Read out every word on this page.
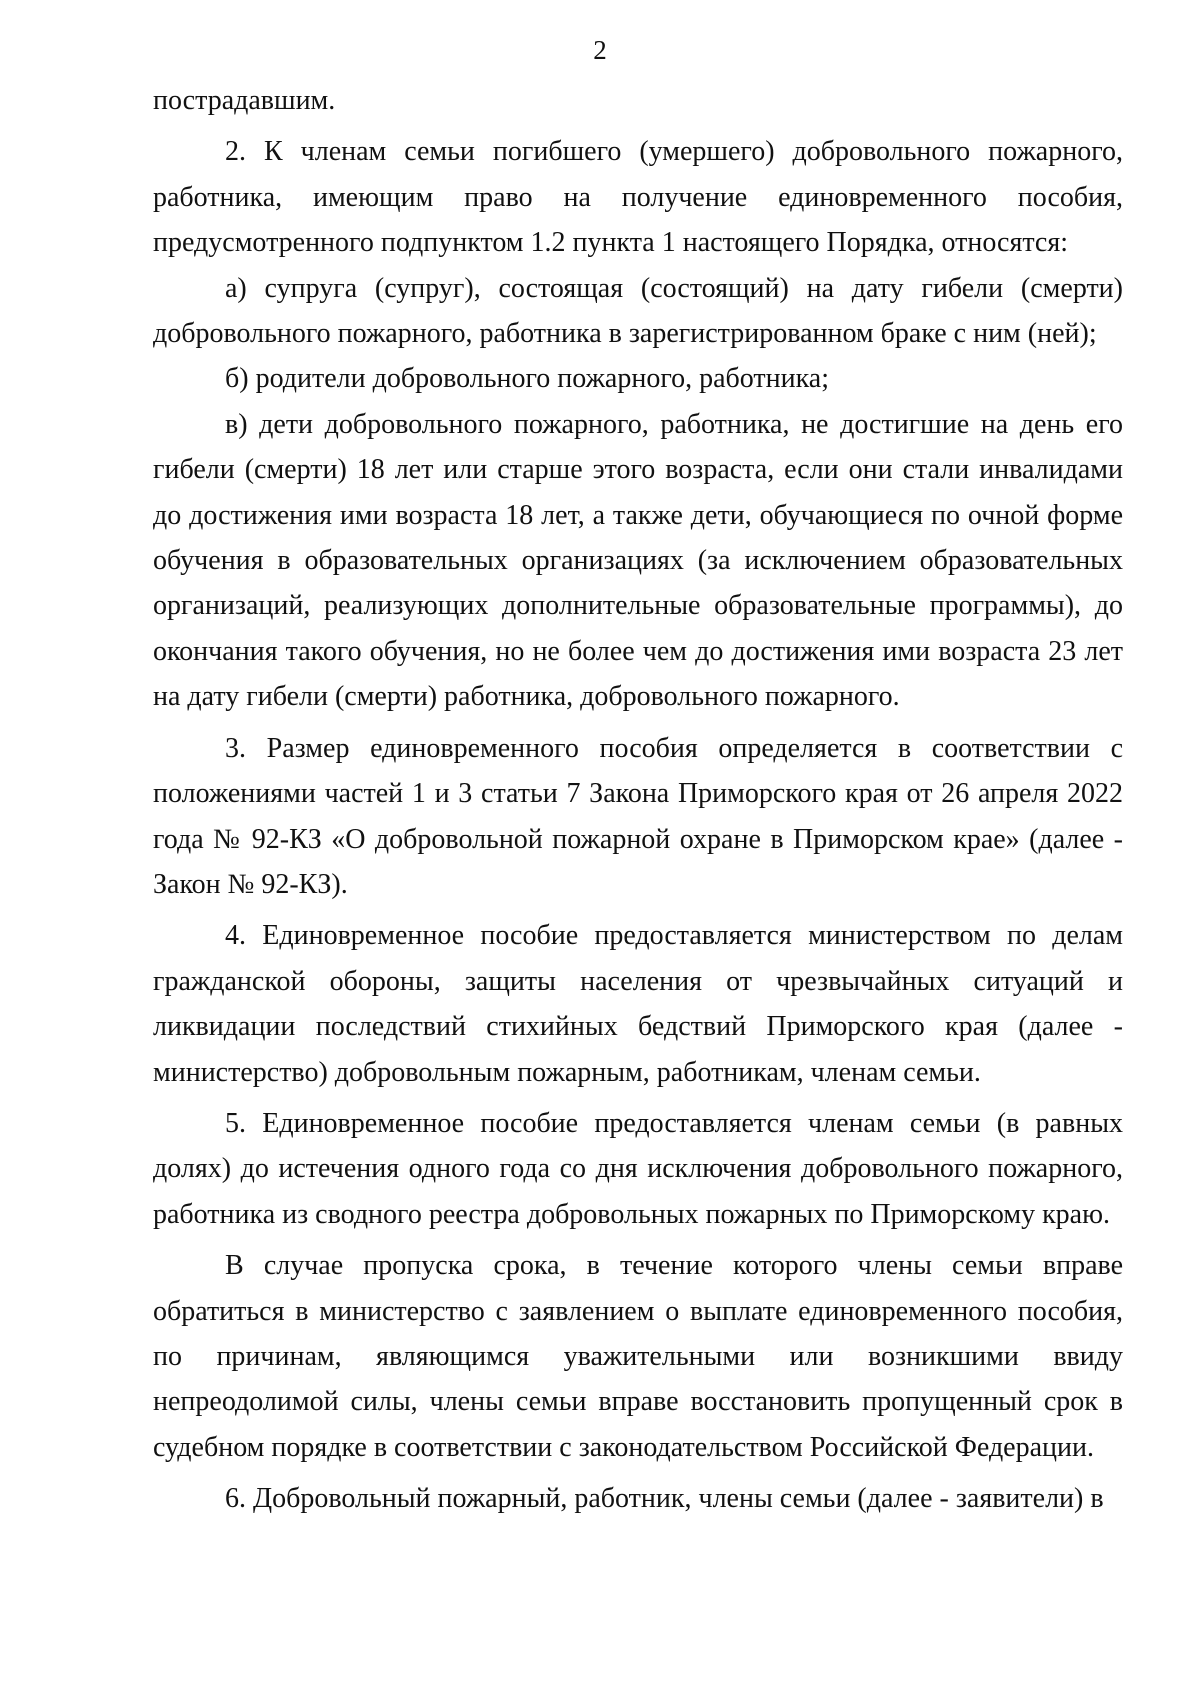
2

пострадавшим.

2. К членам семьи погибшего (умершего) добровольного пожарного, работника, имеющим право на получение единовременного пособия, предусмотренного подпунктом 1.2 пункта 1 настоящего Порядка, относятся:

а) супруга (супруг), состоящая (состоящий) на дату гибели (смерти) добровольного пожарного, работника в зарегистрированном браке с ним (ней);

б) родители добровольного пожарного, работника;

в) дети добровольного пожарного, работника, не достигшие на день его гибели (смерти) 18 лет или старше этого возраста, если они стали инвалидами до достижения ими возраста 18 лет, а также дети, обучающиеся по очной форме обучения в образовательных организациях (за исключением образовательных организаций, реализующих дополнительные образовательные программы), до окончания такого обучения, но не более чем до достижения ими возраста 23 лет на дату гибели (смерти) работника, добровольного пожарного.

3. Размер единовременного пособия определяется в соответствии с положениями частей 1 и 3 статьи 7 Закона Приморского края от 26 апреля 2022 года № 92-КЗ «О добровольной пожарной охране в Приморском крае» (далее - Закон № 92-КЗ).

4. Единовременное пособие предоставляется министерством по делам гражданской обороны, защиты населения от чрезвычайных ситуаций и ликвидации последствий стихийных бедствий Приморского края (далее - министерство) добровольным пожарным, работникам, членам семьи.

5. Единовременное пособие предоставляется членам семьи (в равных долях) до истечения одного года со дня исключения добровольного пожарного, работника из сводного реестра добровольных пожарных по Приморскому краю.

В случае пропуска срока, в течение которого члены семьи вправе обратиться в министерство с заявлением о выплате единовременного пособия, по причинам, являющимся уважительными или возникшими ввиду непреодолимой силы, члены семьи вправе восстановить пропущенный срок в судебном порядке в соответствии с законодательством Российской Федерации.

6. Добровольный пожарный, работник, члены семьи (далее - заявители) в
